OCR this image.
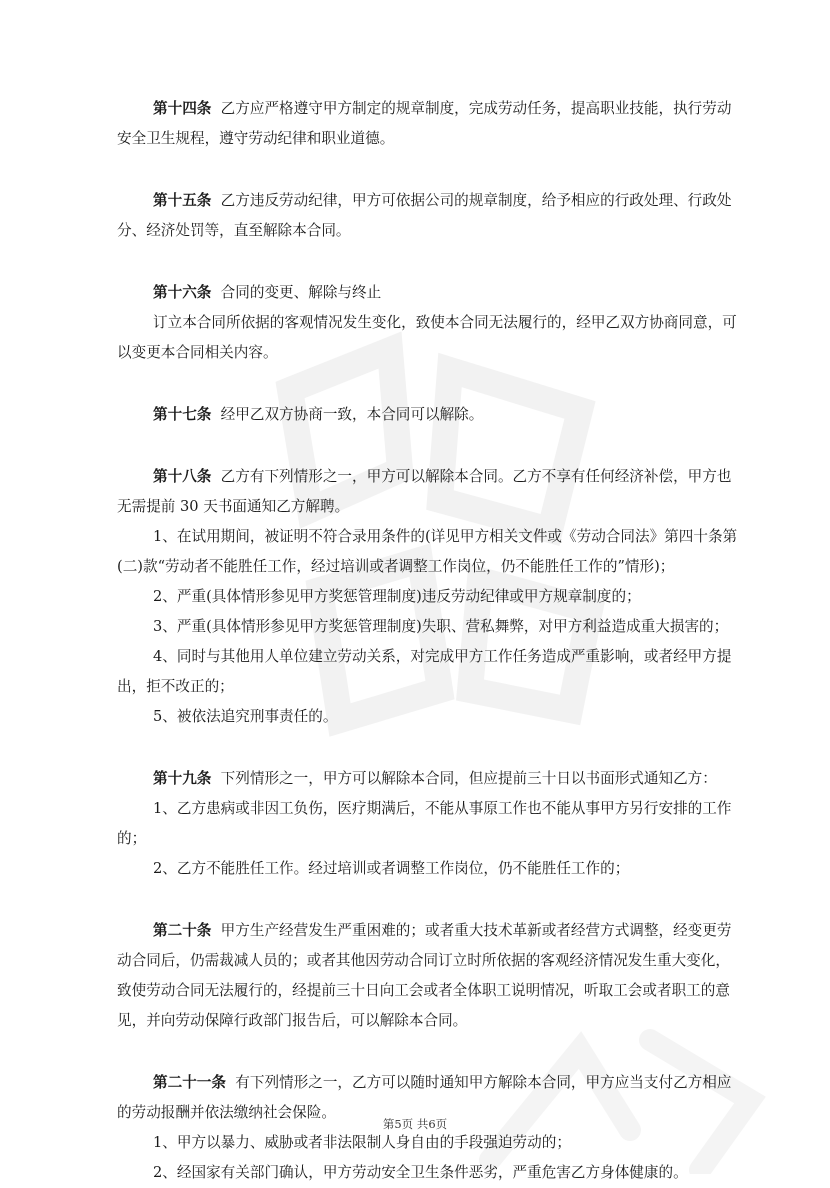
第十四条 乙方应严格遵守甲方制定的规章制度，完成劳动任务，提高职业技能，执行劳动
安全卫生规程，遵守劳动纪律和职业道德。
第十五条 乙方违反劳动纪律，甲方可依据公司的规章制度，给予相应的行政处理、行政处
分、经济处罚等，直至解除本合同。
第十六条 合同的变更、解除与终止
订立本合同所依据的客观情况发生变化，致使本合同无法履行的，经甲乙双方协商同意，可
以变更本合同相关内容。
第十七条 经甲乙双方协商一致，本合同可以解除。
第十八条 乙方有下列情形之一，甲方可以解除本合同。乙方不享有任何经济补偿，甲方也
无需提前 30 天书面通知乙方解聘。
1、在试用期间，被证明不符合录用条件的(详见甲方相关文件或《劳动合同法》第四十条第
(二)款“劳动者不能胜任工作，经过培训或者调整工作岗位，仍不能胜任工作的”情形)；
2、严重(具体情形参见甲方奖惩管理制度)违反劳动纪律或甲方规章制度的；
3、严重(具体情形参见甲方奖惩管理制度)失职、营私舞弊，对甲方利益造成重大损害的；
4、同时与其他用人单位建立劳动关系，对完成甲方工作任务造成严重影响，或者经甲方提
出，拒不改正的；
5、被依法追究刑事责任的。
第十九条 下列情形之一，甲方可以解除本合同，但应提前三十日以书面形式通知乙方：
1、乙方患病或非因工负伤，医疗期满后，不能从事原工作也不能从事甲方另行安排的工作
的；
2、乙方不能胜任工作。经过培训或者调整工作岗位，仍不能胜任工作的；
第二十条 甲方生产经营发生严重困难的；或者重大技术革新或者经营方式调整，经变更劳
动合同后，仍需裁减人员的；或者其他因劳动合同订立时所依据的客观经济情况发生重大变化，
致使劳动合同无法履行的，经提前三十日向工会或者全体职工说明情况，听取工会或者职工的意
见，并向劳动保障行政部门报告后，可以解除本合同。
第二十一条 有下列情形之一，乙方可以随时通知甲方解除本合同，甲方应当支付乙方相应
的劳动报酬并依法缴纳社会保险。
1、甲方以暴力、威胁或者非法限制人身自由的手段强迫劳动的；
2、经国家有关部门确认，甲方劳动安全卫生条件恶劣，严重危害乙方身体健康的。
第5页 共6页
